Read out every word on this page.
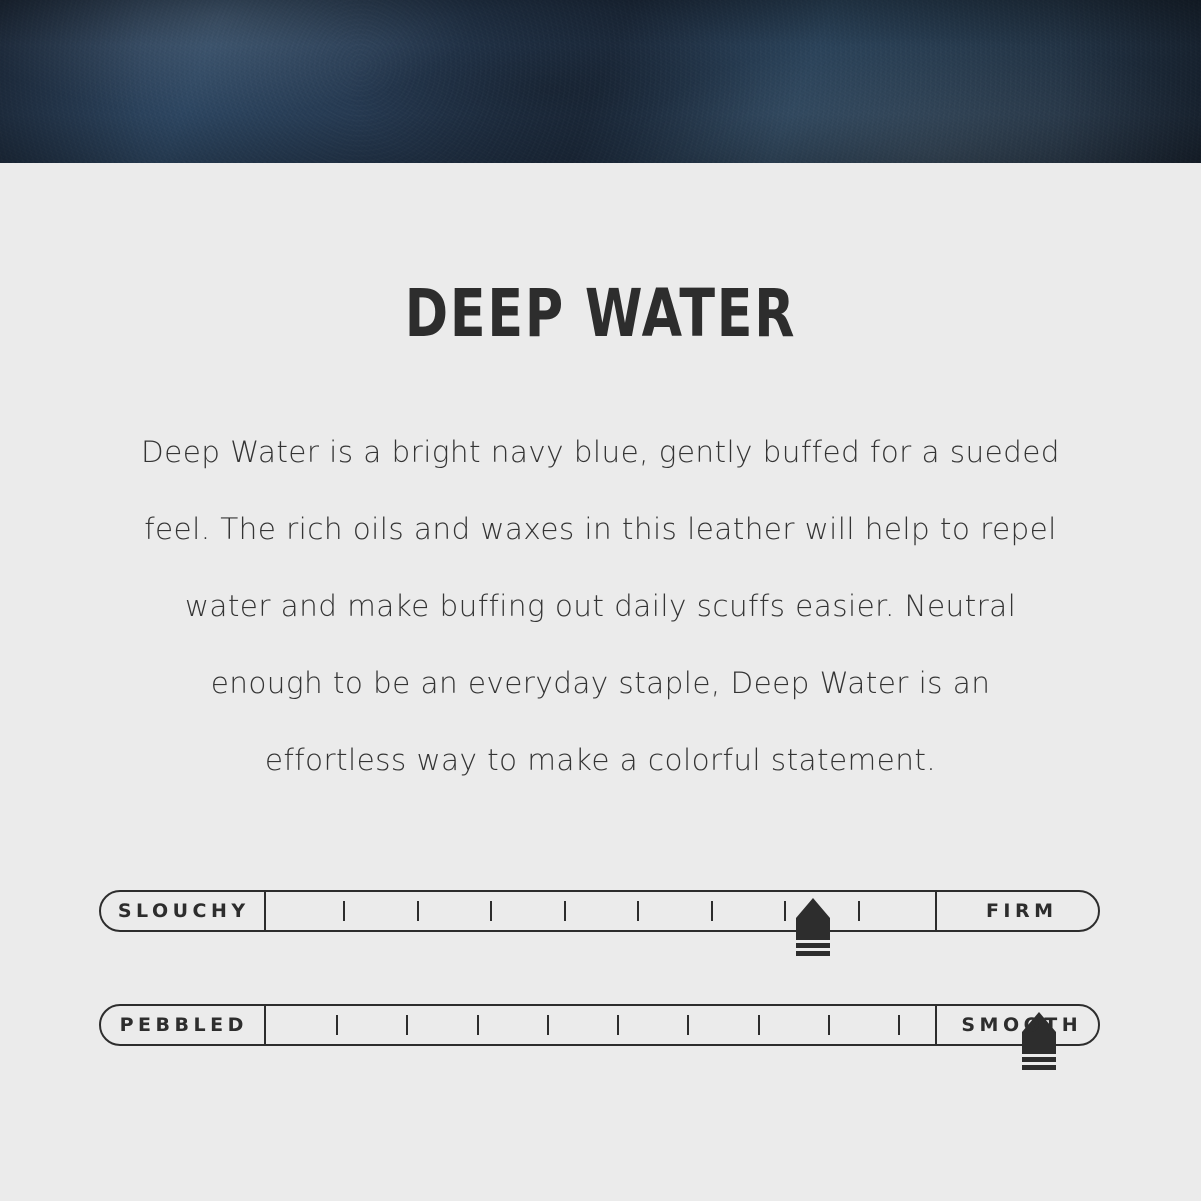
DEEP WATER

Deep Water is a bright navy blue, gently buffed for a sueded feel. The rich oils and waxes in this leather will help to repel water and make buffing out daily scuffs easier. Neutral enough to be an everyday staple, Deep Water is an effortless way to make a colorful statement.

SLOUCHY	FIRM
PEBBLED	SMOOTH
